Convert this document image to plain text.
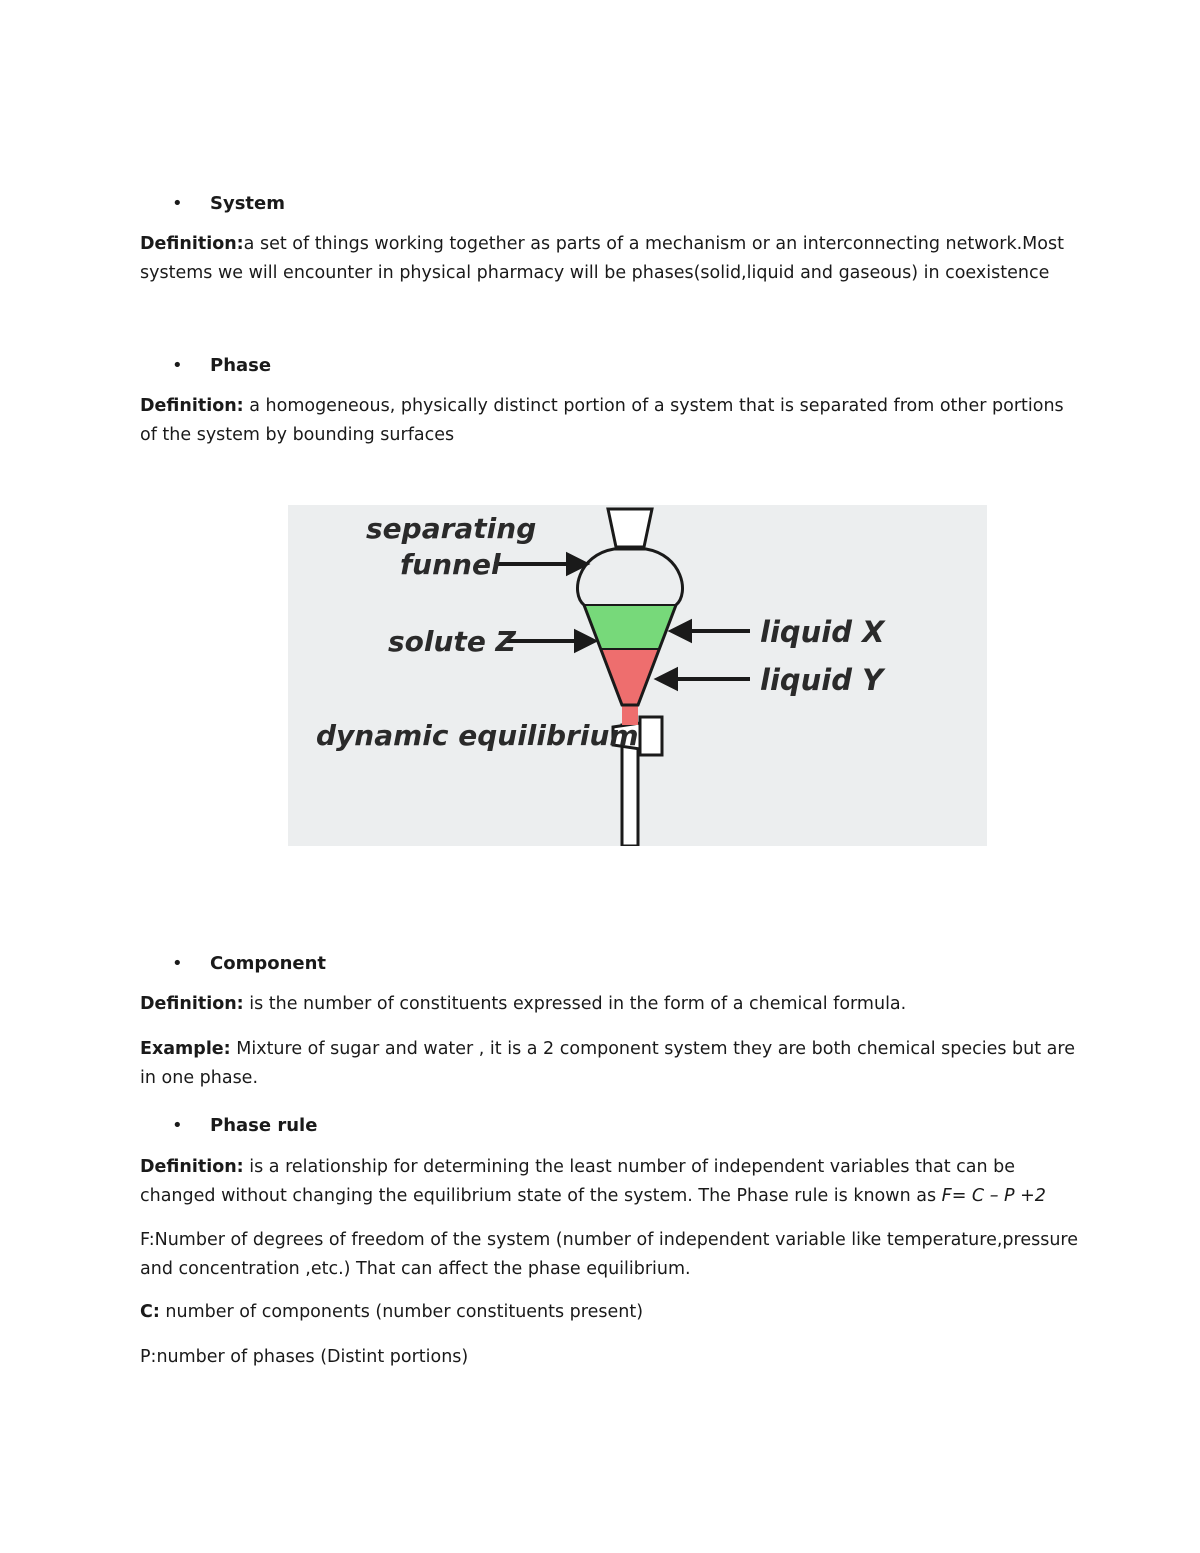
• System
Definition:a set of things working together as parts of a mechanism or an interconnecting network.Most systems we will encounter in physical pharmacy will be phases(solid,liquid and gaseous) in coexistence
• Phase
Definition: a homogeneous, physically distinct portion of a system that is separated from other portions of the system by bounding surfaces
separating
funnel
solute Z	liquid X
liquid Y
dynamic equilibrium
• Component
Definition: is the number of constituents expressed in the form of a chemical formula.
Example: Mixture of sugar and water , it is a 2 component system they are both chemical species but are in one phase.
• Phase rule
Definition: is a relationship for determining the least number of independent variables that can be changed without changing the equilibrium state of the system. The Phase rule is known as F= C – P +2
F:Number of degrees of freedom of the system (number of independent variable like temperature,pressure and concentration ,etc.) That can affect the phase equilibrium.
C: number of components (number constituents present)
P:number of phases (Distint portions)
